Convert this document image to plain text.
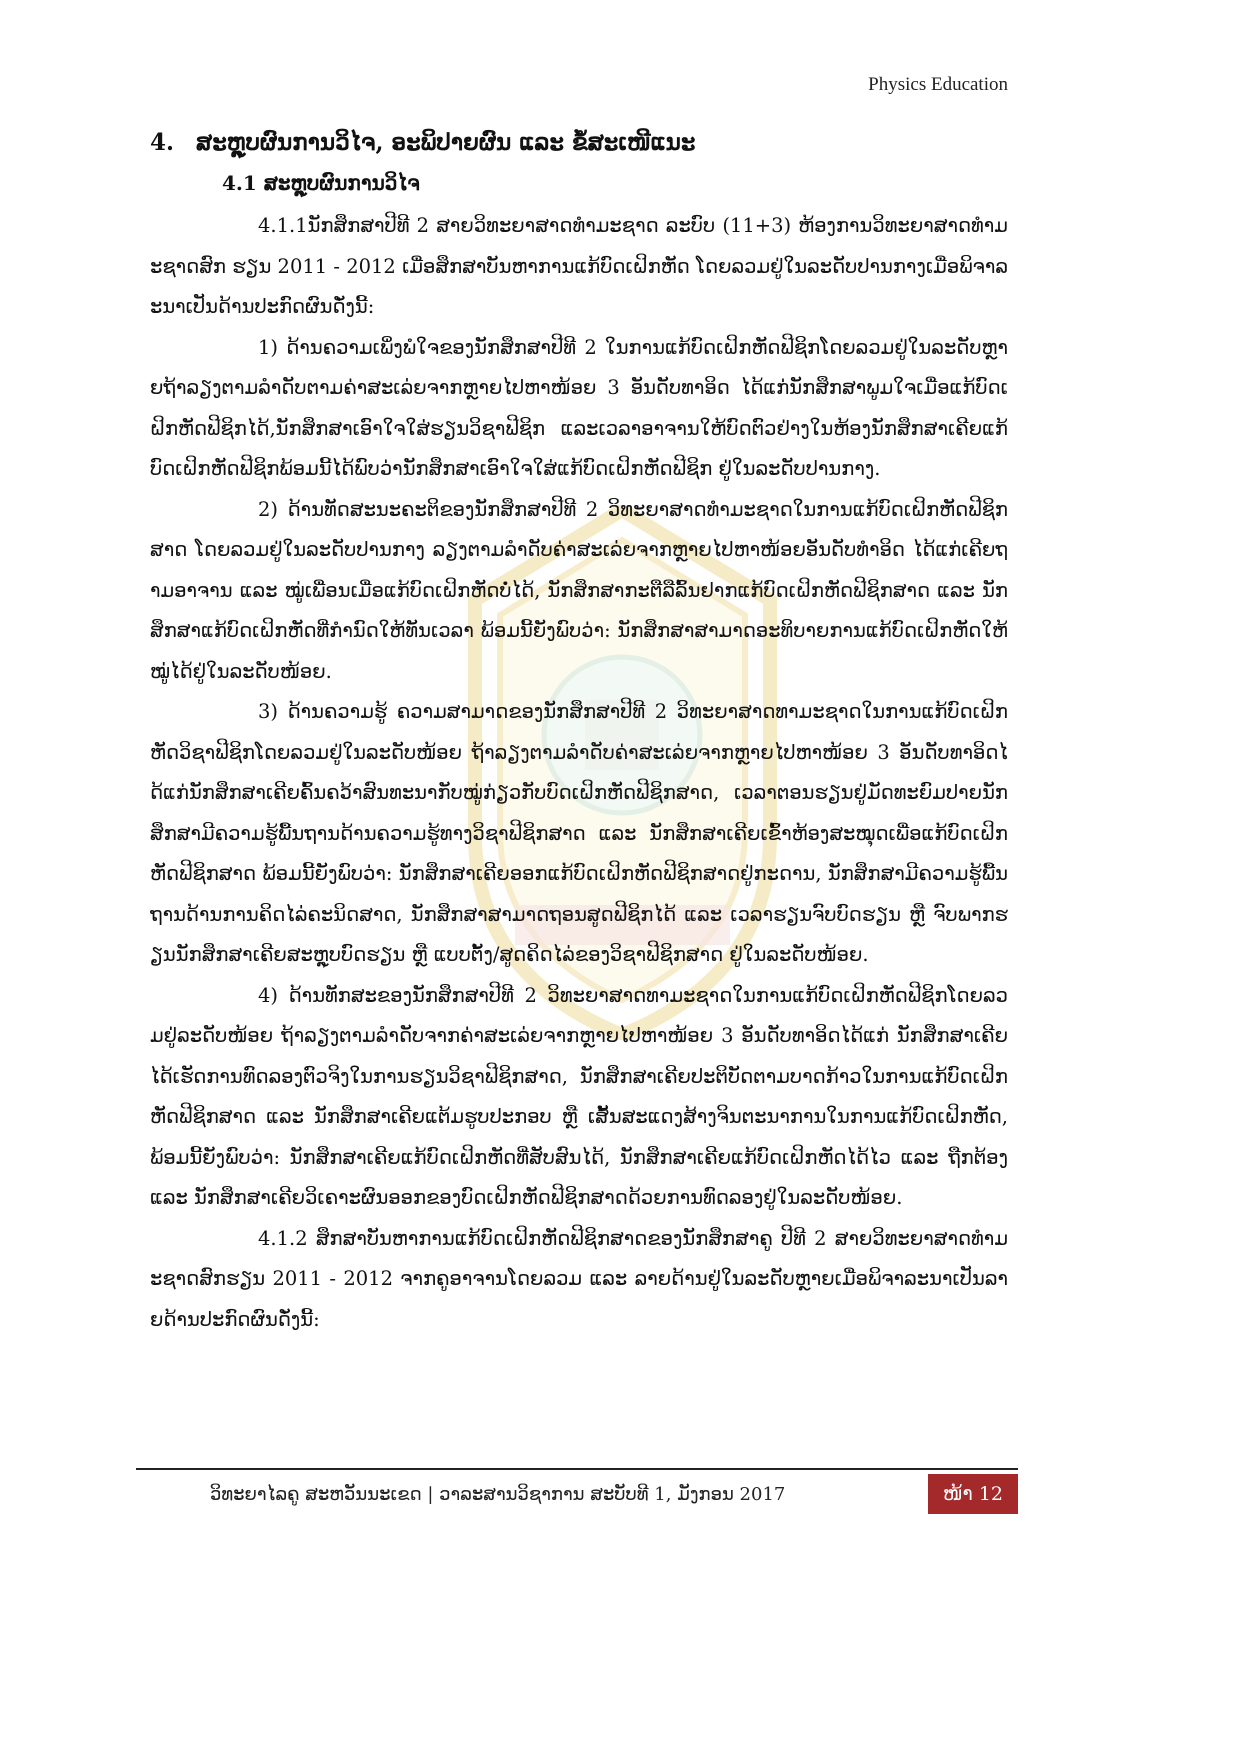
Physics Education
4. ສະຫຼຸບຜົນການວິໄຈ, ອະພິປາຍຜົນ ແລະ ຂໍ້ສະເໜີແນະ
4.1 ສະຫຼຸບຜົນການວິໄຈ

4.1.1ນັກສຶກສາປີທີ 2 ສາຍວິທະຍາສາດທຳມະຊາດ ລະບົບ (11+3) ຫ້ອງການວິທະຍາສາດທຳມະຊາດສົກ ຮຽນ 2011 - 2012 ເມື່ອສຶກສາບັນຫາການແກ້ບົດເຝິກຫັດ ໂດຍລວມຢູ່ໃນລະດັບປານກາງເມື່ອພິຈາລະນາເປັນດ້ານປະກົດຜົນດັ່ງນີ້:

1) ດ້ານຄວາມເພິ່ງພໍໃຈຂອງນັກສຶກສາປີທີ 2 ໃນການແກ້ບົດເຝິກຫັດຟີຊິກໂດຍລວມຢູ່ໃນລະດັບຫຼາຍຖ້າລຽງຕາມລຳດັບຕາມຄ່າສະເລ່ຍຈາກຫຼາຍໄປຫາໜ້ອຍ 3 ອັນດັບທາອິດ ໄດ້ແກ່ນັກສຶກສາພູມໃຈເມື່ອແກ້ບົດເຝິກຫັດຟີຊິກໄດ້,ນັກສຶກສາເອົາໃຈໃສ່ຮຽນວິຊາຟີຊິກ ແລະເວລາອາຈານໃຫ້ບົດຕົວຢ່າງໃນຫ້ອງນັກສຶກສາເຄີຍແກ້ບົດເຝິກຫັດຟີຊິກພ້ອມນີ້ໄດ້ພົບວ່ານັກສຶກສາເອົາໃຈໃສ່ແກ້ບົດເຝິກຫັດຟີຊິກ ຢູ່ໃນລະດັບປານກາງ.

2) ດ້ານທັດສະນະຄະຕິຂອງນັກສຶກສາປີທີ 2 ວິທະຍາສາດທຳມະຊາດໃນການແກ້ບົດເຝິກຫັດຟີຊິກສາດ ໂດຍລວມຢູ່ໃນລະດັບປານກາງ ລຽງຕາມລຳດັບຄ່າສະເລ່ຍຈາກຫຼາຍໄປຫາໜ້ອຍອັນດັບທຳອິດ ໄດ້ແກ່ເຄີຍຖາມອາຈານ ແລະ ໝູ່ເພື່ອນເມື່ອແກ້ບົດເຝິກຫັດບໍ່ໄດ້, ນັກສຶກສາກະຕືລືລົ້ນຢາກແກ້ບົດເຝິກຫັດຟີຊິກສາດ ແລະ ນັກສຶກສາແກ້ບົດເຝິກຫັດທີ່ກຳນົດໃຫ້ທັນເວລາ ພ້ອມນີ້ຍັງພົບວ່າ: ນັກສຶກສາສາມາດອະທິບາຍການແກ້ບົດເຝິກຫັດໃຫ້ໝູ່ໄດ້ຢູ່ໃນລະດັບໜ້ອຍ.

3) ດ້ານຄວາມຮູ້ ຄວາມສາມາດຂອງນັກສຶກສາປີທີ 2 ວິທະຍາສາດທາມະຊາດໃນການແກ້ບົດເຝິກຫັດວິຊາຟີຊິກໂດຍລວມຢູ່ໃນລະດັບໜ້ອຍ ຖ້າລຽງຕາມລຳດັບຄ່າສະເລ່ຍຈາກຫຼາຍໄປຫາໜ້ອຍ 3 ອັນດັບທາອິດໄດ້ແກ່ນັກສຶກສາເຄີຍຄົ້ນຄວ້າສົນທະນາກັບໝູ່ກ່ຽວກັບບົດເຝິກຫັດຟີຊິກສາດ, ເວລາຕອນຮຽນຢູ່ມັດທະຍົມປາຍນັກສຶກສາມີຄວາມຮູ້ພື້ນຖານດ້ານຄວາມຮູ້ທາງວິຊາຟີຊິກສາດ ແລະ ນັກສຶກສາເຄີຍເຂົ້າຫ້ອງສະໝຸດເພື່ອແກ້ບົດເຝິກຫັດຟີຊິກສາດ ພ້ອມນີ້ຍັງພົບວ່າ: ນັກສຶກສາເຄີຍອອກແກ້ບົດເຝິກຫັດຟີຊິກສາດຢູ່ກະດານ, ນັກສຶກສາມີຄວາມຮູ້ພື້ນຖານດ້ານການຄິດໄລ່ຄະນິດສາດ, ນັກສຶກສາສາມາດຖອນສູດຟີຊິກໄດ້ ແລະ ເວລາຮຽນຈົບບົດຮຽນ ຫຼື ຈົບພາກຮຽນນັກສຶກສາເຄີຍສະຫຼຸບບົດຮຽນ ຫຼື ແບບຕັ້ງ/ສູດຄິດໄລ່ຂອງວິຊາຟີຊິກສາດ ຢູ່ໃນລະດັບໜ້ອຍ.

4) ດ້ານທັກສະຂອງນັກສຶກສາປີທີ 2 ວິທະຍາສາດທາມະຊາດໃນການແກ້ບົດເຝິກຫັດຟີຊິກໂດຍລວມຢູ່ລະດັບໜ້ອຍ ຖ້າລຽງຕາມລຳດັບຈາກຄ່າສະເລ່ຍຈາກຫຼາຍໄປຫາໜ້ອຍ 3 ອັນດັບທາອິດໄດ້ແກ່ ນັກສຶກສາເຄີຍໄດ້ເຮັດການທົດລອງຕົວຈິງໃນການຮຽນວິຊາຟີຊິກສາດ, ນັກສຶກສາເຄີຍປະຕິບັດຕາມບາດກ້າວໃນການແກ້ບົດເຝິກຫັດຟີຊິກສາດ ແລະ ນັກສຶກສາເຄີຍແຕ້ມຮູບປະກອບ ຫຼື ເສັ້ນສະແດງສ້າງຈິນຕະນາການໃນການແກ້ບົດເຝິກຫັດ, ພ້ອມນີ້ຍັງພົບວ່າ: ນັກສຶກສາເຄີຍແກ້ບົດເຝິກຫັດທີ່ສັບສົນໄດ້, ນັກສຶກສາເຄີຍແກ້ບົດເຝິກຫັດໄດ້ໄວ ແລະ ຖືກຕ້ອງ ແລະ ນັກສຶກສາເຄີຍວິເຄາະຜົນອອກຂອງບົດເຝິກຫັດຟີຊິກສາດດ້ວຍການທົດລອງຢູ່ໃນລະດັບໜ້ອຍ.

4.1.2 ສຶກສາບັນຫາການແກ້ບົດເຝິກຫັດຟີຊິກສາດຂອງນັກສຶກສາຄູ ປີທີ 2 ສາຍວິທະຍາສາດທຳມະຊາດສົກຮຽນ 2011 - 2012 ຈາກຄູອາຈານໂດຍລວມ ແລະ ລາຍດ້ານຢູ່ໃນລະດັບຫຼາຍເມື່ອພິຈາລະນາເປັນລາຍດ້ານປະກົດຜົນດັ່ງນີ້:

ວິທະຍາໄລຄູ ສະຫວັນນະເຂດ | ວາລະສານວິຊາການ ສະບັບທີ 1, ມັງກອນ 2017	ໜ້າ 12
